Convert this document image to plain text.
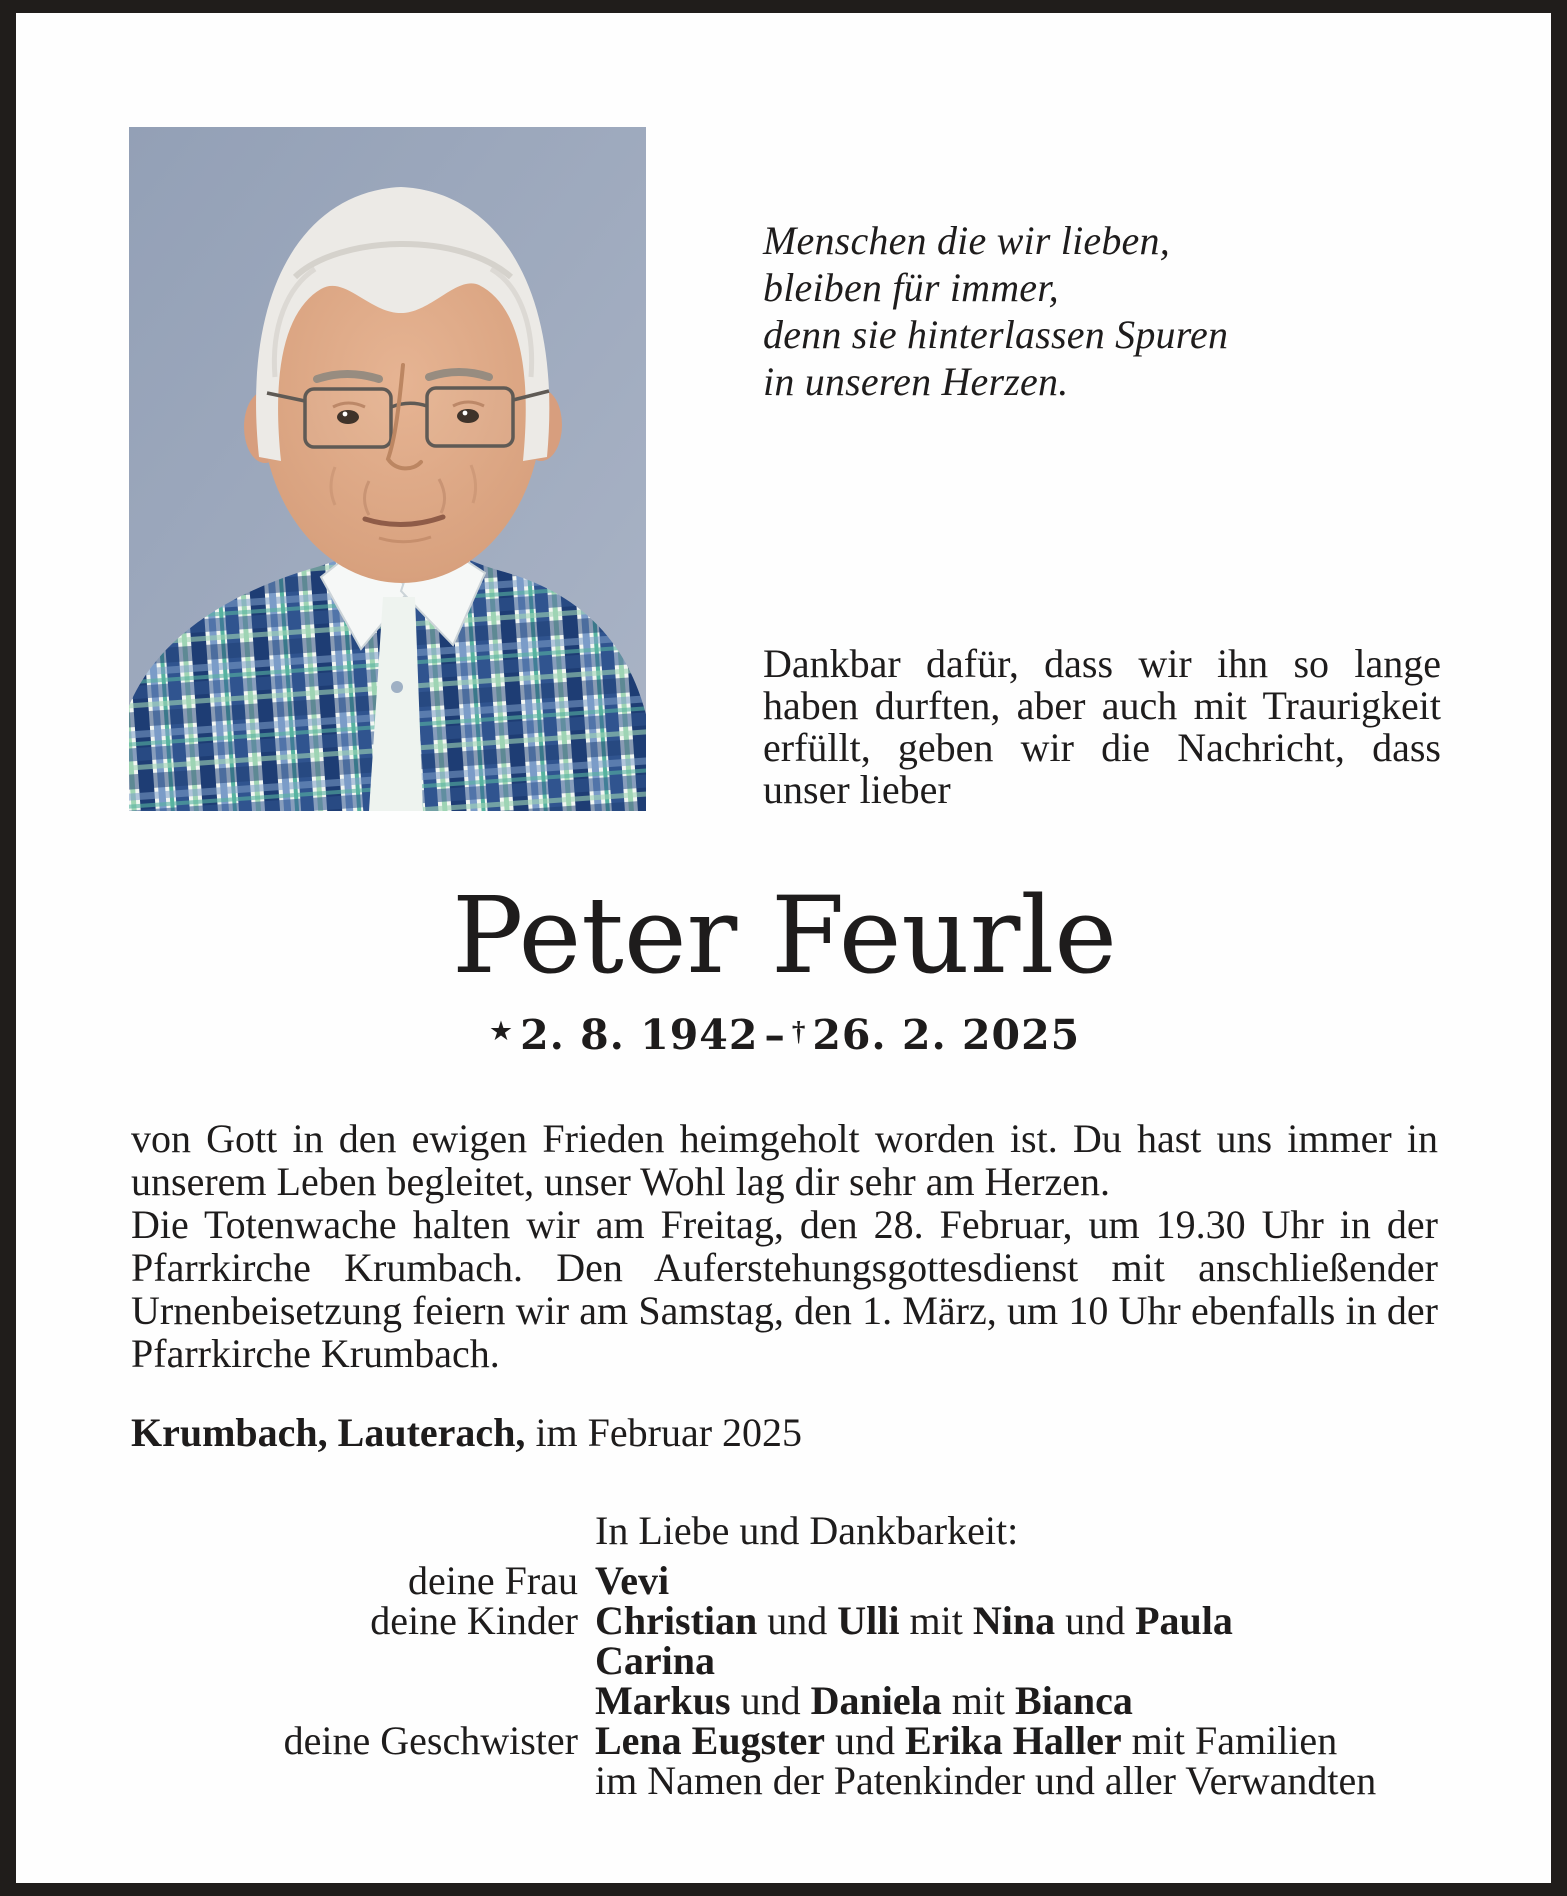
Menschen die wir lieben,
bleiben für immer,
denn sie hinterlassen Spuren
in unseren Herzen.
Dankbar dafür, dass wir ihn so lange haben durften, aber auch mit Traurigkeit erfüllt, geben wir die Nachricht, dass unser lieber
Peter Feurle
★ 2. 8. 1942 – † 26. 2. 2025

von Gott in den ewigen Frieden heimgeholt worden ist. Du hast uns immer in unserem Leben begleitet, unser Wohl lag dir sehr am Herzen.

Die Totenwache halten wir am Freitag, den 28. Februar, um 19.30 Uhr in der Pfarrkirche Krumbach. Den Auferstehungsgottesdienst mit anschließender Urnenbeisetzung feiern wir am Samstag, den 1. März, um 10 Uhr ebenfalls in der Pfarrkirche Krumbach.

Krumbach, Lauterach, im Februar 2025
In Liebe und Dankbarkeit:
deine Frau Vevi
deine Kinder Christian und Ulli mit Nina und Paula
Carina
Markus und Daniela mit Bianca
deine Geschwister Lena Eugster und Erika Haller mit Familien
im Namen der Patenkinder und aller Verwandten
